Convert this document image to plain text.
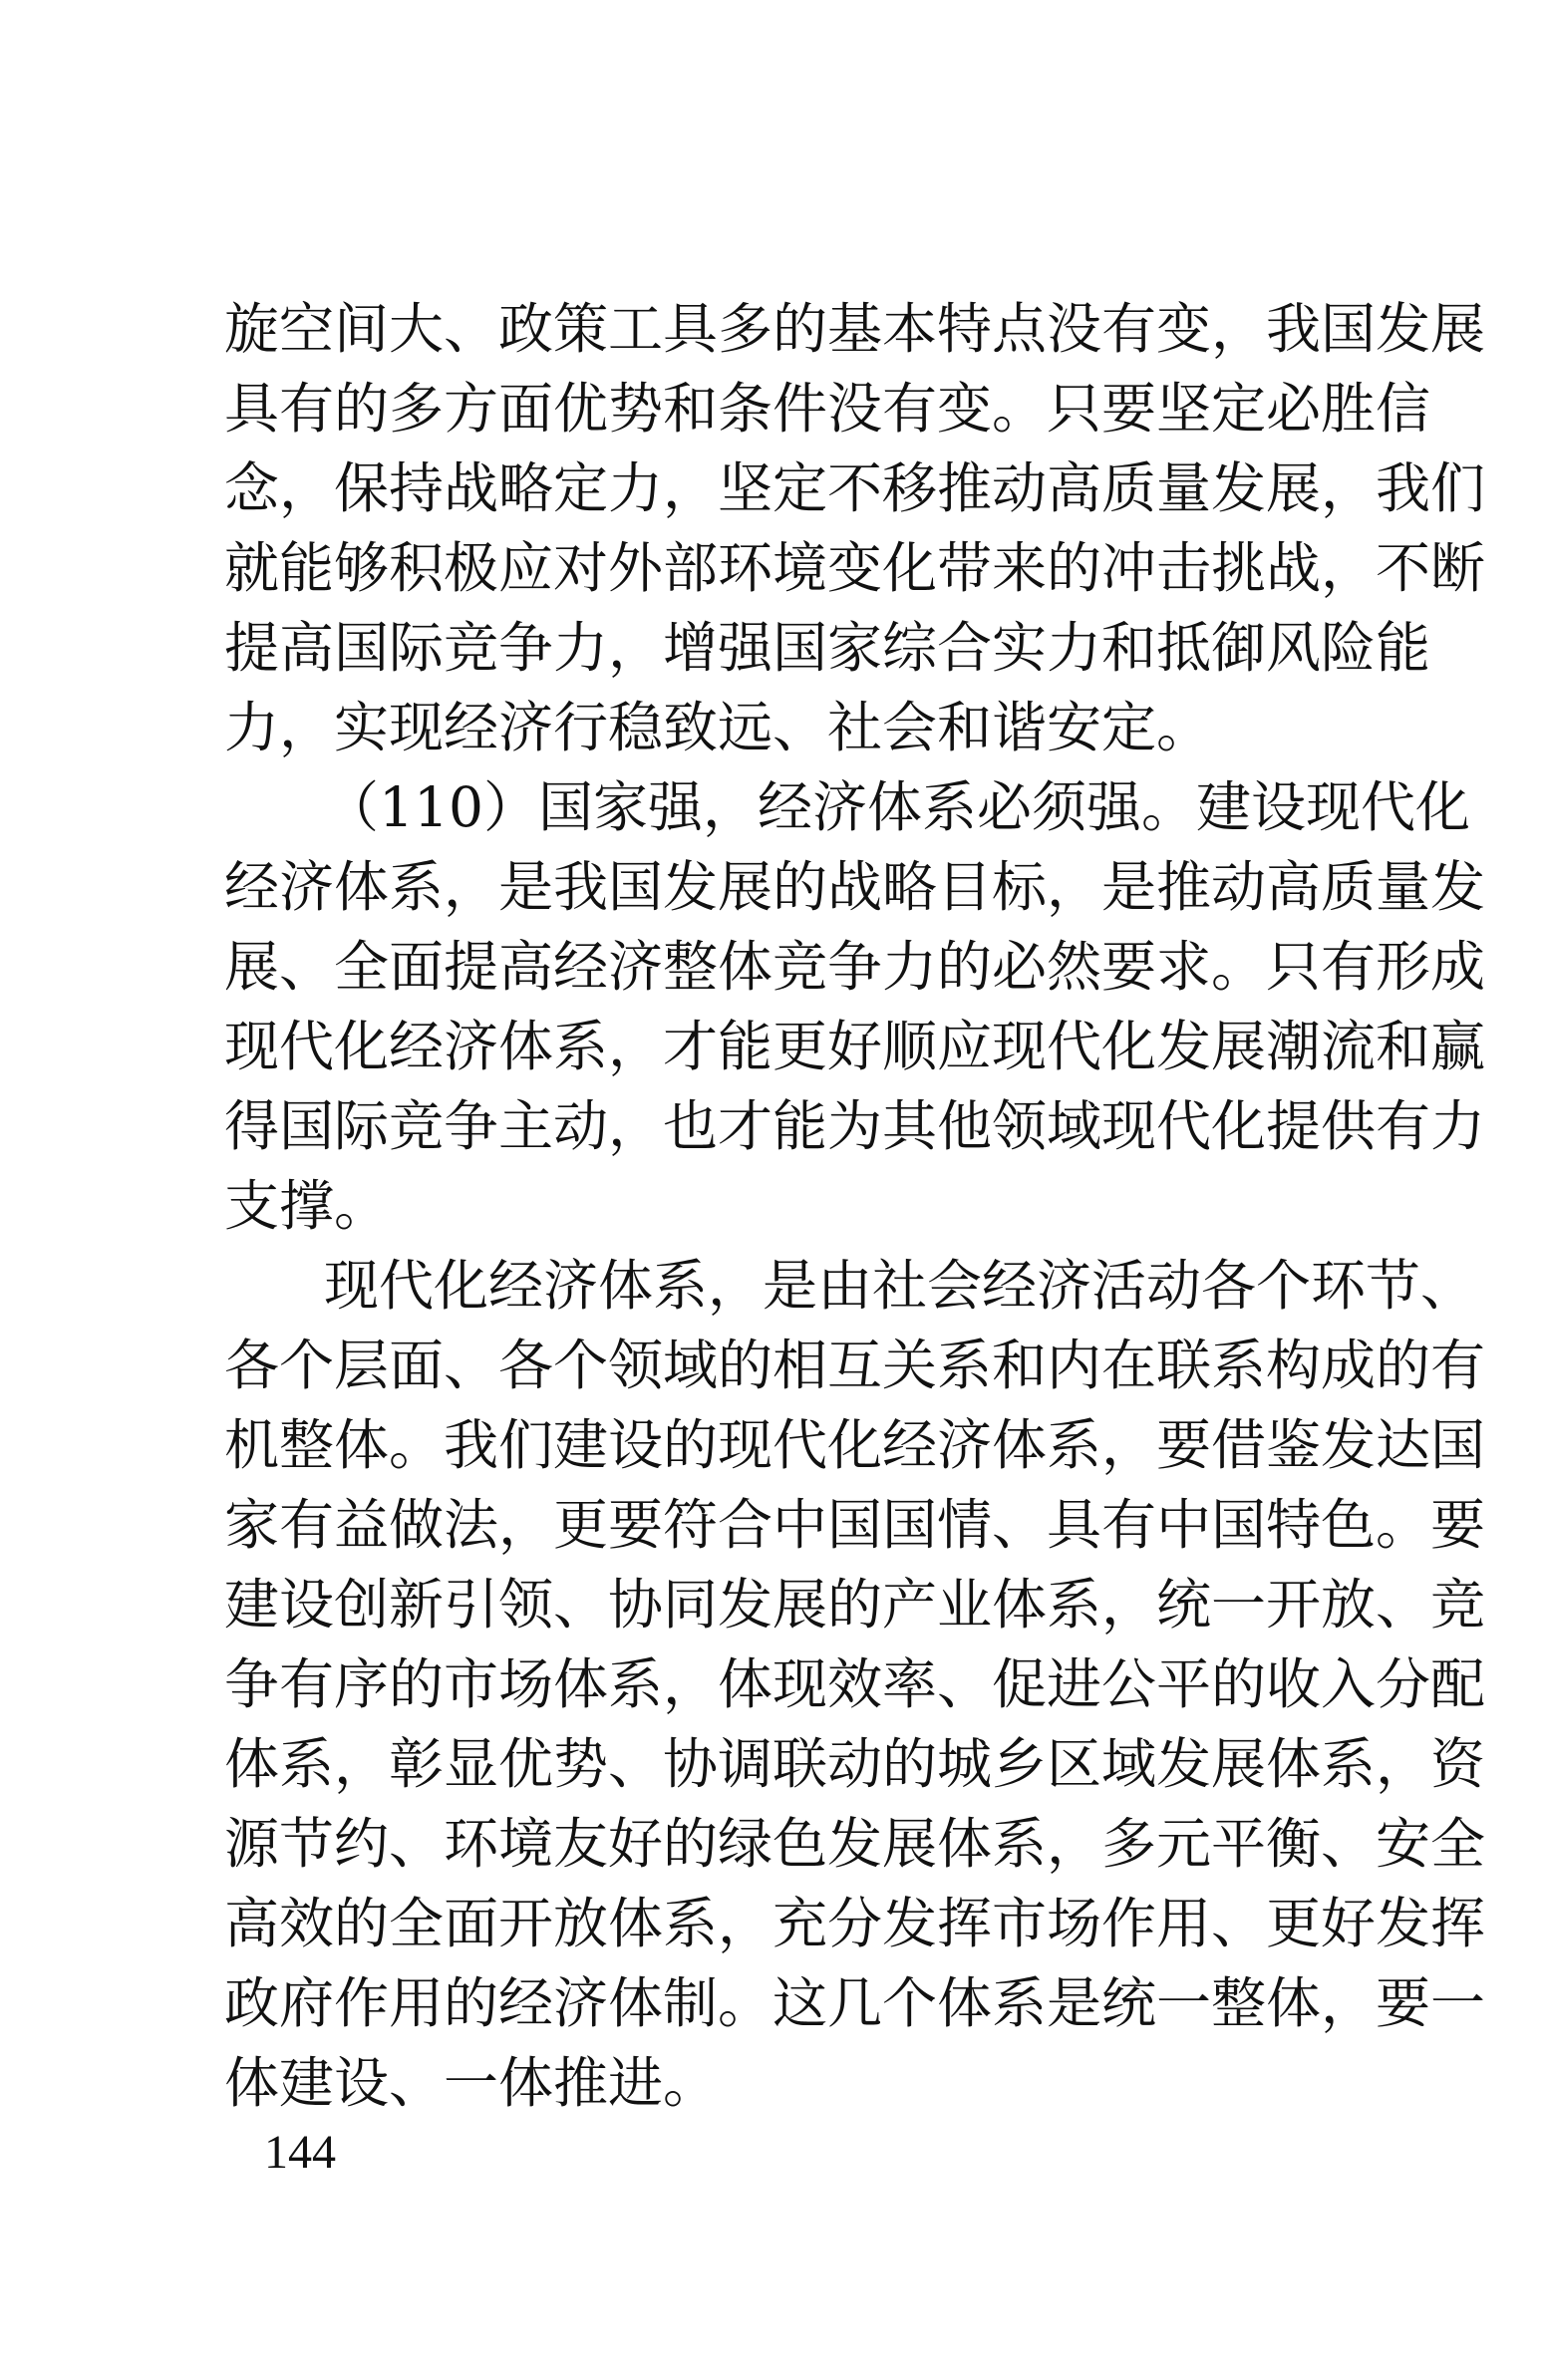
旋空间大、政策工具多的基本特点没有变，我国发展
具有的多方面优势和条件没有变。只要坚定必胜信
念，保持战略定力，坚定不移推动高质量发展，我们
就能够积极应对外部环境变化带来的冲击挑战，不断
提高国际竞争力，增强国家综合实力和抵御风险能
力，实现经济行稳致远、社会和谐安定。
（110）国家强，经济体系必须强。建设现代化
经济体系，是我国发展的战略目标，是推动高质量发
展、全面提高经济整体竞争力的必然要求。只有形成
现代化经济体系，才能更好顺应现代化发展潮流和赢
得国际竞争主动，也才能为其他领域现代化提供有力
支撑。
现代化经济体系，是由社会经济活动各个环节、
各个层面、各个领域的相互关系和内在联系构成的有
机整体。我们建设的现代化经济体系，要借鉴发达国
家有益做法，更要符合中国国情、具有中国特色。要
建设创新引领、协同发展的产业体系，统一开放、竞
争有序的市场体系，体现效率、促进公平的收入分配
体系，彰显优势、协调联动的城乡区域发展体系，资
源节约、环境友好的绿色发展体系，多元平衡、安全
高效的全面开放体系，充分发挥市场作用、更好发挥
政府作用的经济体制。这几个体系是统一整体，要一
体建设、一体推进。
144
